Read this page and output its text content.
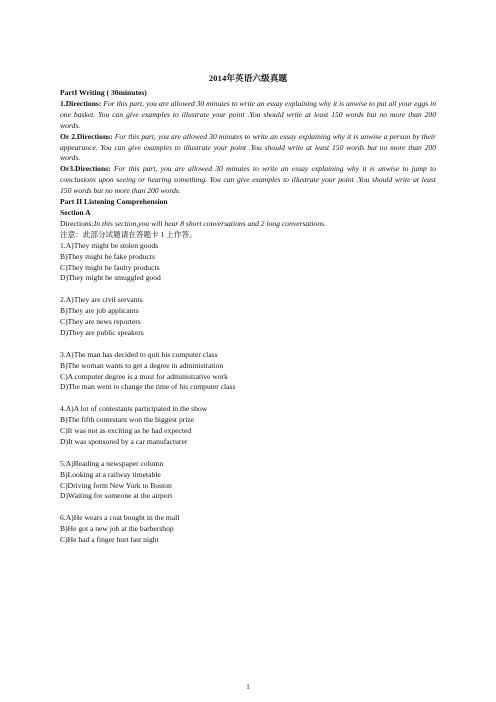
2014年英语六级真题

PartI Writing ( 30minutes)

1.Directions: For this part, you are allowed 30 minutes to write an essay explaining why it is unwise to put all your eggs in one basket. You can give examples to illustrate your point .You should write at least 150 words but no more than 200 words.

Or 2.Directions: For this part, you are allowed 30 minutes to write an essay explaining why it is unwise a person by their appearance. You can give examples to illustrate your point .You should write at least 150 words but no more than 200 words.

Or3.Directions: For this part, you are allowed 30 minutes to write an essay explaining why it is unwise to jump to conclusions upon seeing or hearing something. You can give examples to illustrate your point .You should write at least 150 words but no more than 200 words.

Part II Listening Comprehension

Section A

Directions:In this section,you will hear 8 short conversations and 2 long conversations.

注意：此部分试题请在答题卡 1 上作答。

1.A)They might be stolen goods

B)They might be fake products

C)They might be faulty products

D)They might be smuggled good

2.A)They are civil servants

B)They are job applicants

C)They are news reporters

D)They are public speakers

3.A)The man has decided to quit his computer class

B)The woman wants to get a degree in administration

C)A computer degree is a must for administrative work

D)The man went to change the time of his computer class

4.A)A lot of contestants participated in the show

B)The fifth contestant won the biggest prize

C)It was not as exciting as he had expected

D)It was sponsored by a car manufacturer

5.A)Reading a newspaper column

B)Looking at a railway timetable

C)Driving form New York to Boston

D)Waiting for someone at the airport

6.A)He wears a coat bought in the mall

B)He got a new job at the barbershop

C)He had a finger hurt last night

1
